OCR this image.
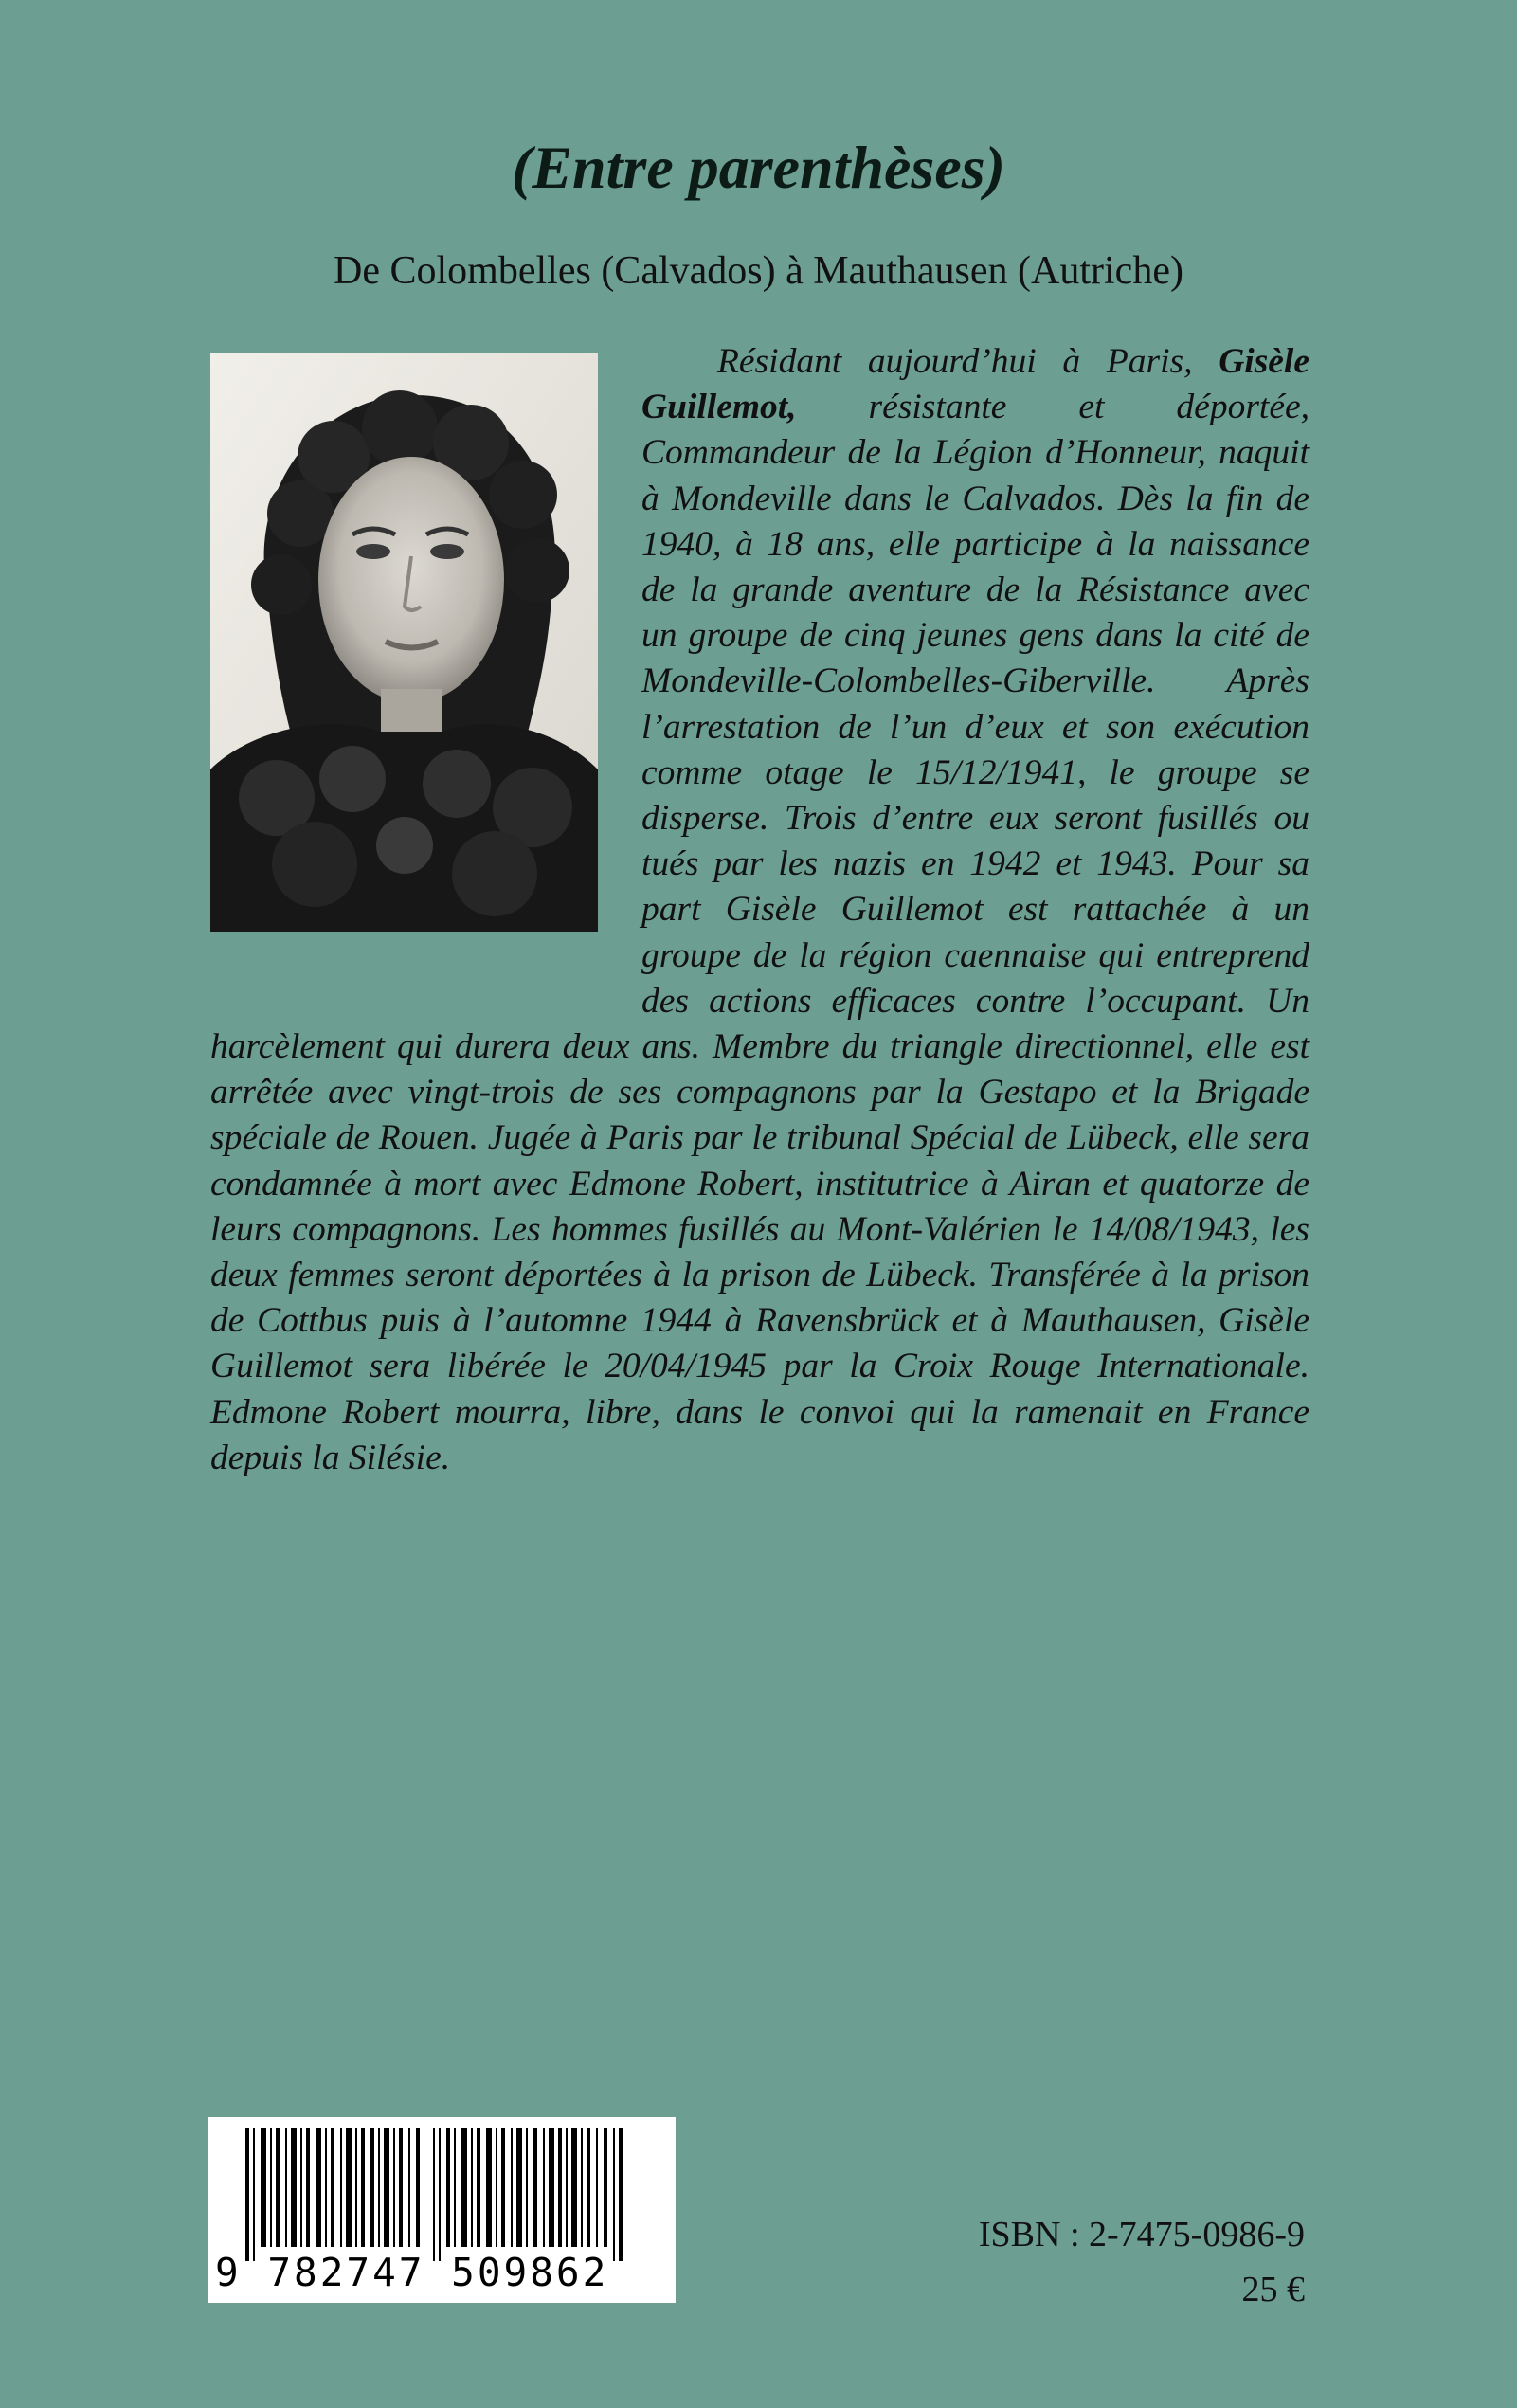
(Entre parenthèses)
De Colombelles (Calvados) à Mauthausen (Autriche)

Résidant aujourd’hui à Paris, Gisèle Guillemot, résistante et déportée, Commandeur de la Légion d’Honneur, naquit à Mondeville dans le Calvados. Dès la fin de 1940, à 18 ans, elle participe à la naissance de la grande aventure de la Résistance avec un groupe de cinq jeunes gens dans la cité de Mondeville-Colombelles-Giberville. Après l’arrestation de l’un d’eux et son exécution comme otage le 15/12/1941, le groupe se disperse. Trois d’entre eux seront fusillés ou tués par les nazis en 1942 et 1943. Pour sa part Gisèle Guillemot est rattachée à un groupe de la région caennaise qui entreprend des actions efficaces contre l’occupant. Un harcèlement qui durera deux ans. Membre du triangle directionnel, elle est arrêtée avec vingt-trois de ses compagnons par la Gestapo et la Brigade spéciale de Rouen. Jugée à Paris par le tribunal Spécial de Lübeck, elle sera condamnée à mort avec Edmone Robert, institutrice à Airan et quatorze de leurs compagnons. Les hommes fusillés au Mont-Valérien le 14/08/1943, les deux femmes seront déportées à la prison de Lübeck. Transférée à la prison de Cottbus puis à l’automne 1944 à Ravensbrück et à Mauthausen, Gisèle Guillemot sera libérée le 20/04/1945 par la Croix Rouge Internationale. Edmone Robert mourra, libre, dans le convoi qui la ramenait en France depuis la Silésie.

9 782747 509862
ISBN : 2-7475-0986-9
25 €
